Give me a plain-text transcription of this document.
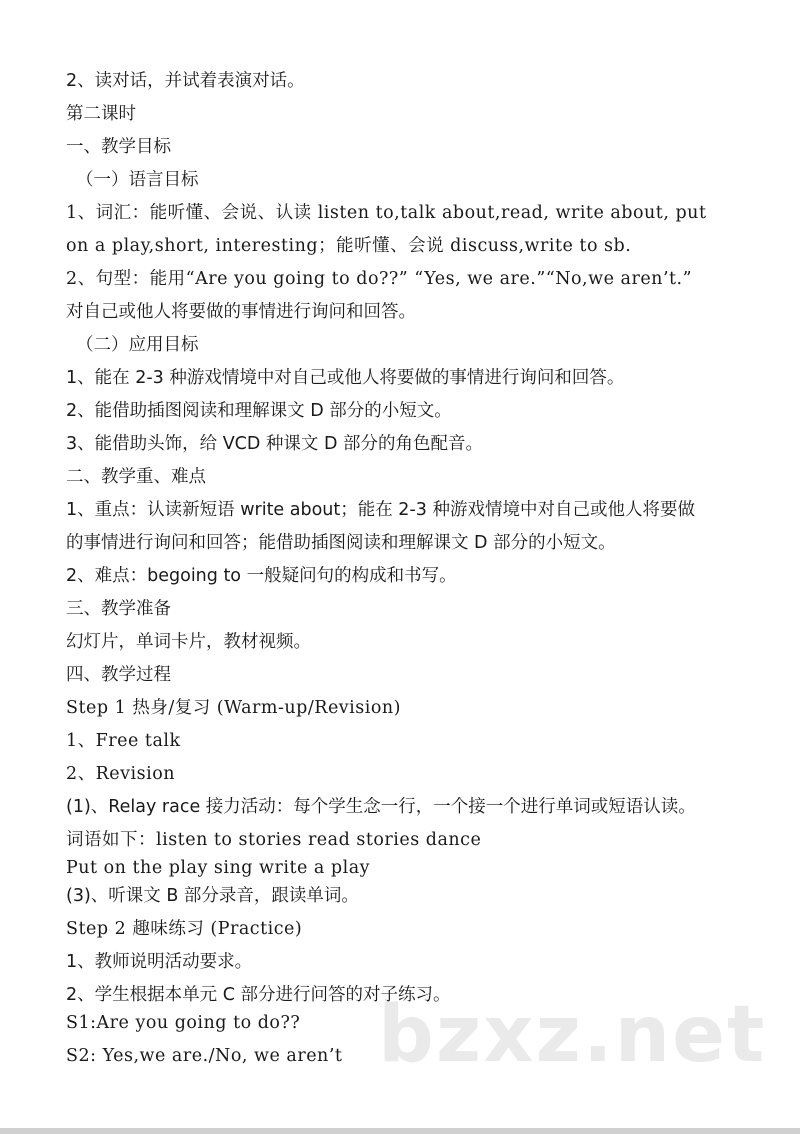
2、读对话，并试着表演对话。
第二课时
一、教学目标
（一）语言目标
1、词汇：能听懂、会说、认读 listen to,talk about,read, write about, put
on a play,short, interesting；能听懂、会说 discuss,write to sb.
2、句型：能用“Are you going to do??” “Yes, we are.”“No,we aren’t.”
对自己或他人将要做的事情进行询问和回答。
（二）应用目标
1、能在 2-3 种游戏情境中对自己或他人将要做的事情进行询问和回答。
2、能借助插图阅读和理解课文 D 部分的小短文。
3、能借助头饰，给 VCD 种课文 D 部分的角色配音。
二、教学重、难点
1、重点：认读新短语 write about；能在 2-3 种游戏情境中对自己或他人将要做
的事情进行询问和回答；能借助插图阅读和理解课文 D 部分的小短文。
2、难点：begoing to 一般疑问句的构成和书写。
三、教学准备
幻灯片，单词卡片，教材视频。
四、教学过程
Step 1 热身/复习 (Warm-up/Revision)
1、Free talk
2、Revision
(1)、Relay race 接力活动：每个学生念一行，一个接一个进行单词或短语认读。
词语如下：listen to stories read stories dance
Put on the play sing write a play
(3)、听课文 B 部分录音，跟读单词。
Step 2 趣味练习 (Practice)
1、教师说明活动要求。
2、学生根据本单元 C 部分进行问答的对子练习。
S1:Are you going to do??
S2: Yes,we are./No, we aren’t bzxz.net
